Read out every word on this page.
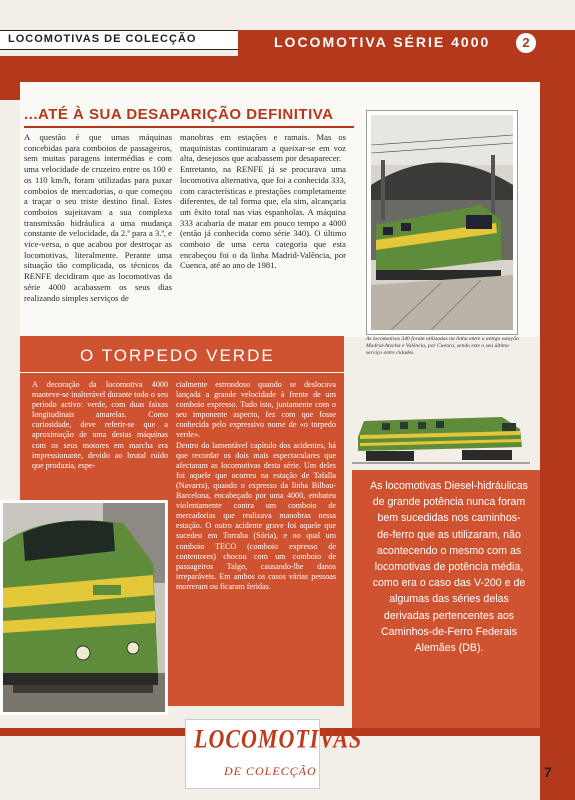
LOCOMOTIVAS DE COLECÇÃO	LOCOMOTIVA SÉRIE 4000	2
...ATÉ À SUA DESAPARIÇÃO DEFINITIVA

A questão é que umas máquinas concebidas para comboios de passageiros, sem muitas paragens intermédias e com uma velocidade de cruzeiro entre os 100 e os 110 km/h, foram utilizadas para puxar comboios de mercadorias, o que começou a traçar o seu triste destino final. Estes comboios sujeitavam a sua complexa transmissão hidráulica a uma mudança constante de velocidade, da 2.ª para a 3.ª, e vice-versa, o que acabou por destroçar as locomotivas, literalmente. Perante uma situação tão complicada, os técnicos da RENFE decidiram que as locomotivas da série 4000 acabassem os seus dias realizando simples serviços de

manobras em estações e ramais. Mas os maquinistas continuaram a queixar-se em voz alta, desejosos que acabassem por desaparecer.

Entretanto, na RENFE já se procurava uma locomotiva alternativa, que foi a conhecida 333, com características e prestações completamente diferentes, de tal forma que, ela sim, alcançaria um êxito total nas vias espanholas. A máquina 333 acabaria de matar em pouco tempo a 4000 (então já conhecida como série 340). O último comboio de uma certa categoria que esta encabeçou foi o da linha Madrid-Valência, por Cuenca, até ao ano de 1981.

As locomotivas 340 foram utilizadas na linha entre a antiga estação Madrid-Atocha e Valência, por Cuenca, sendo este o seu último serviço entre cidades.
O TORPEDO VERDE

A decoração da locomotiva 4000 manteve-se inalterável durante todo o seu período activo: verde, com duas faixas longitudinais amarelas. Como curiosidade, deve referir-se que a aproximação de uma destas máquinas com os seus motores em marcha era impressionante, devido ao brutal ruído que produzia, espe-

cialmente estrondoso quando se deslocava lançada a grande velocidade à frente de um comboio expresso. Tudo isto, juntamente com o seu imponente aspecto, fez com que fosse conhecida pelo expressivo nome de «o torpedo verde».

Dentro do lamentável capítulo dos acidentes, há que recordar os dois mais espectaculares que afectaram as locomotivas desta série. Um deles foi aquele que ocorreu na estação de Tafalla (Navarra), quando o expresso da linha Bilbau-Barcelona, encabeçado por uma 4000, embateu violentamente contra um comboio de mercadorias que realizava manobras nessa estação. O outro acidente grave foi aquele que sucedeu em Torraba (Sória), e no qual um comboio TECO (comboio expresso de contentores) chocou com um comboio de passageiros Talgo, causando-lhe danos irreparáveis. Em ambos os casos várias pessoas morreram ou ficaram feridas.

As locomotivas Diesel-hidráulicas de grande potência nunca foram bem sucedidas nos caminhos-de-ferro que as utilizaram, não acontecendo o mesmo com as locomotivas de potência média, como era o caso das V-200 e de algumas das séries delas derivadas pertencentes aos Caminhos-de-Ferro Federais Alemães (DB).

LOCOMOTIVAS
DE COLECÇÃO	7
